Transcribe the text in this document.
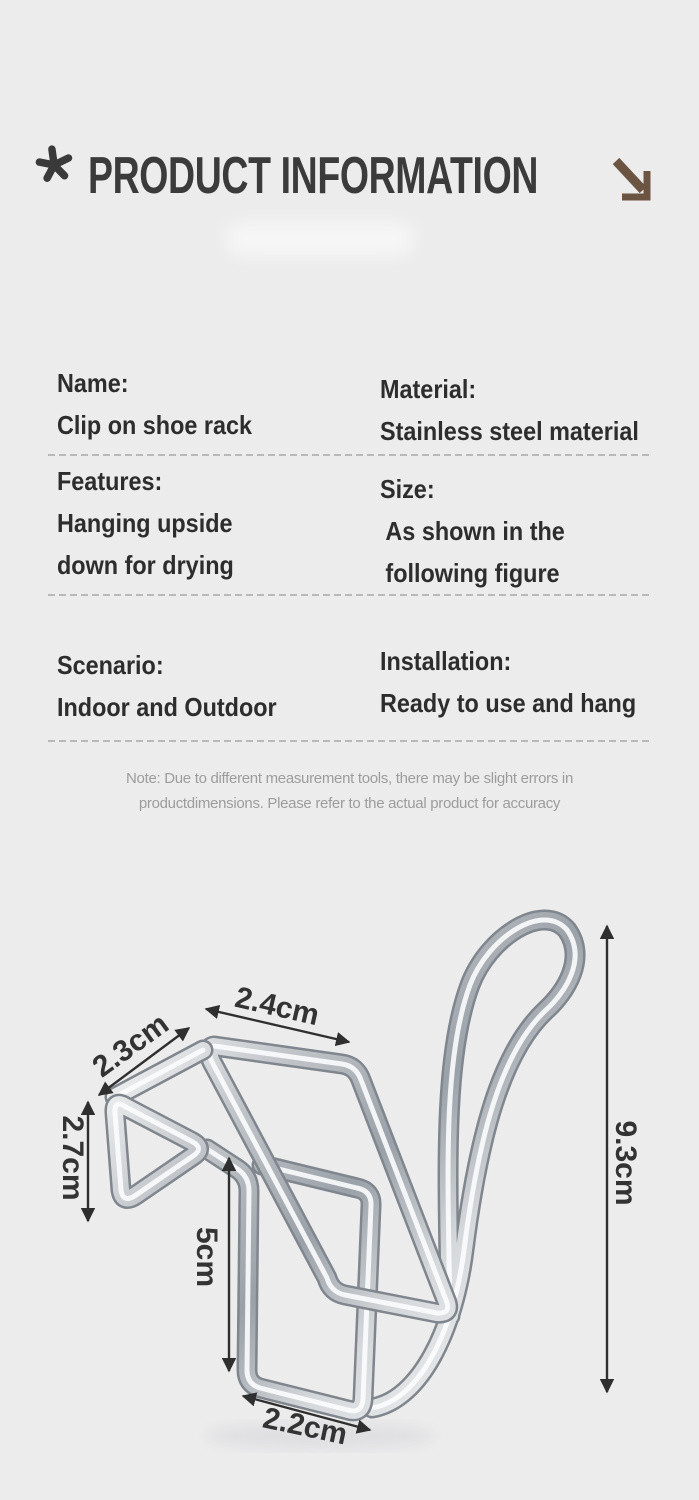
PRODUCT INFORMATION
Name:
Clip on shoe rack
Material:
Stainless steel material
Features:
Hanging upside
down for drying
Size:
As shown in the
following figure
Scenario:
Indoor and Outdoor
Installation:
Ready to use and hang
Note: Due to different measurement tools, there may be slight errors in
productdimensions. Please refer to the actual product for accuracy
2.4cm
2.3cm
2.7cm
5cm
9.3cm
2.2cm
